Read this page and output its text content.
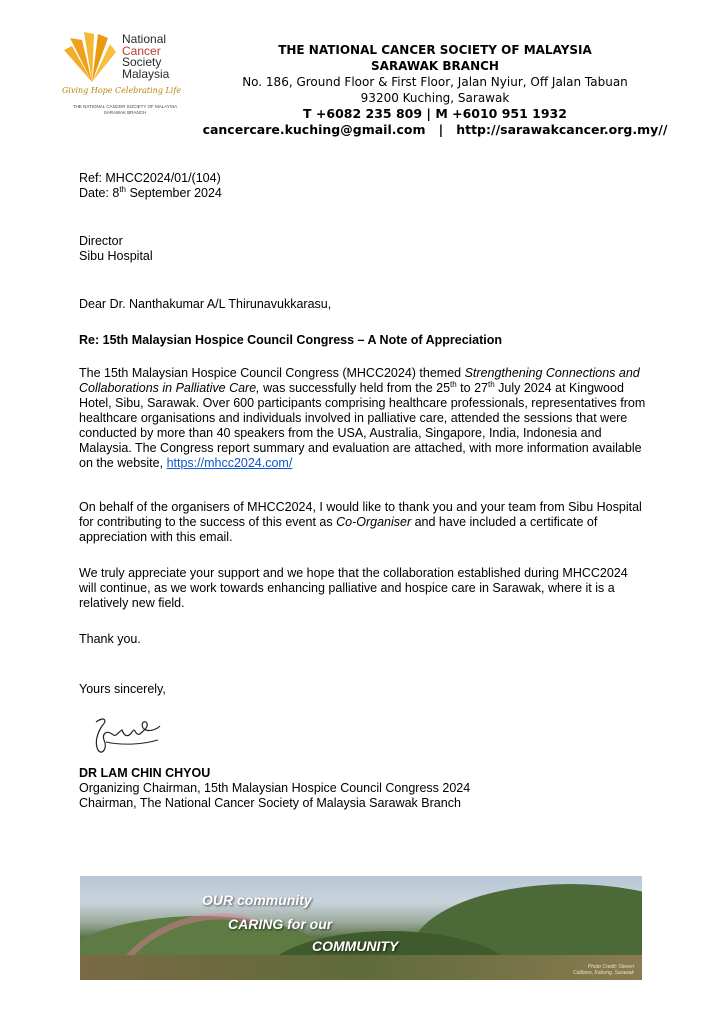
National
Cancer
Society
Malaysia
Giving Hope Celebrating Life
THE NATIONAL CANCER SOCIETY OF MALAYSIA
SARAWAK BRANCH
THE NATIONAL CANCER SOCIETY OF MALAYSIA
SARAWAK BRANCH
No. 186, Ground Floor & First Floor, Jalan Nyiur, Off Jalan Tabuan
93200 Kuching, Sarawak
T +6082 235 809 | M +6010 951 1932
cancercare.kuching@gmail.com | http://sarawakcancer.org.my//
Ref: MHCC2024/01/(104)
Date: 8th September 2024
Director
Sibu Hospital
Dear Dr. Nanthakumar A/L Thirunavukkarasu,
Re: 15th Malaysian Hospice Council Congress – A Note of Appreciation
The 15th Malaysian Hospice Council Congress (MHCC2024) themed Strengthening Connections and Collaborations in Palliative Care, was successfully held from the 25th to 27th July 2024 at Kingwood Hotel, Sibu, Sarawak. Over 600 participants comprising healthcare professionals, representatives from healthcare organisations and individuals involved in palliative care, attended the sessions that were conducted by more than 40 speakers from the USA, Australia, Singapore, India, Indonesia and Malaysia. The Congress report summary and evaluation are attached, with more information available on the website, https://mhcc2024.com/
On behalf of the organisers of MHCC2024, I would like to thank you and your team from Sibu Hospital for contributing to the success of this event as Co-Organiser and have included a certificate of appreciation with this email.
We truly appreciate your support and we hope that the collaboration established during MHCC2024 will continue, as we work towards enhancing palliative and hospice care in Sarawak, where it is a relatively new field.
Thank you.
Yours sincerely,
DR LAM CHIN CHYOU
Organizing Chairman, 15th Malaysian Hospice Council Congress 2024
Chairman, The National Cancer Society of Malaysia Sarawak Branch
OUR community
CARING for our
COMMUNITY
Photo Credit: Steven
Calibore, Kabong, Sarawak
